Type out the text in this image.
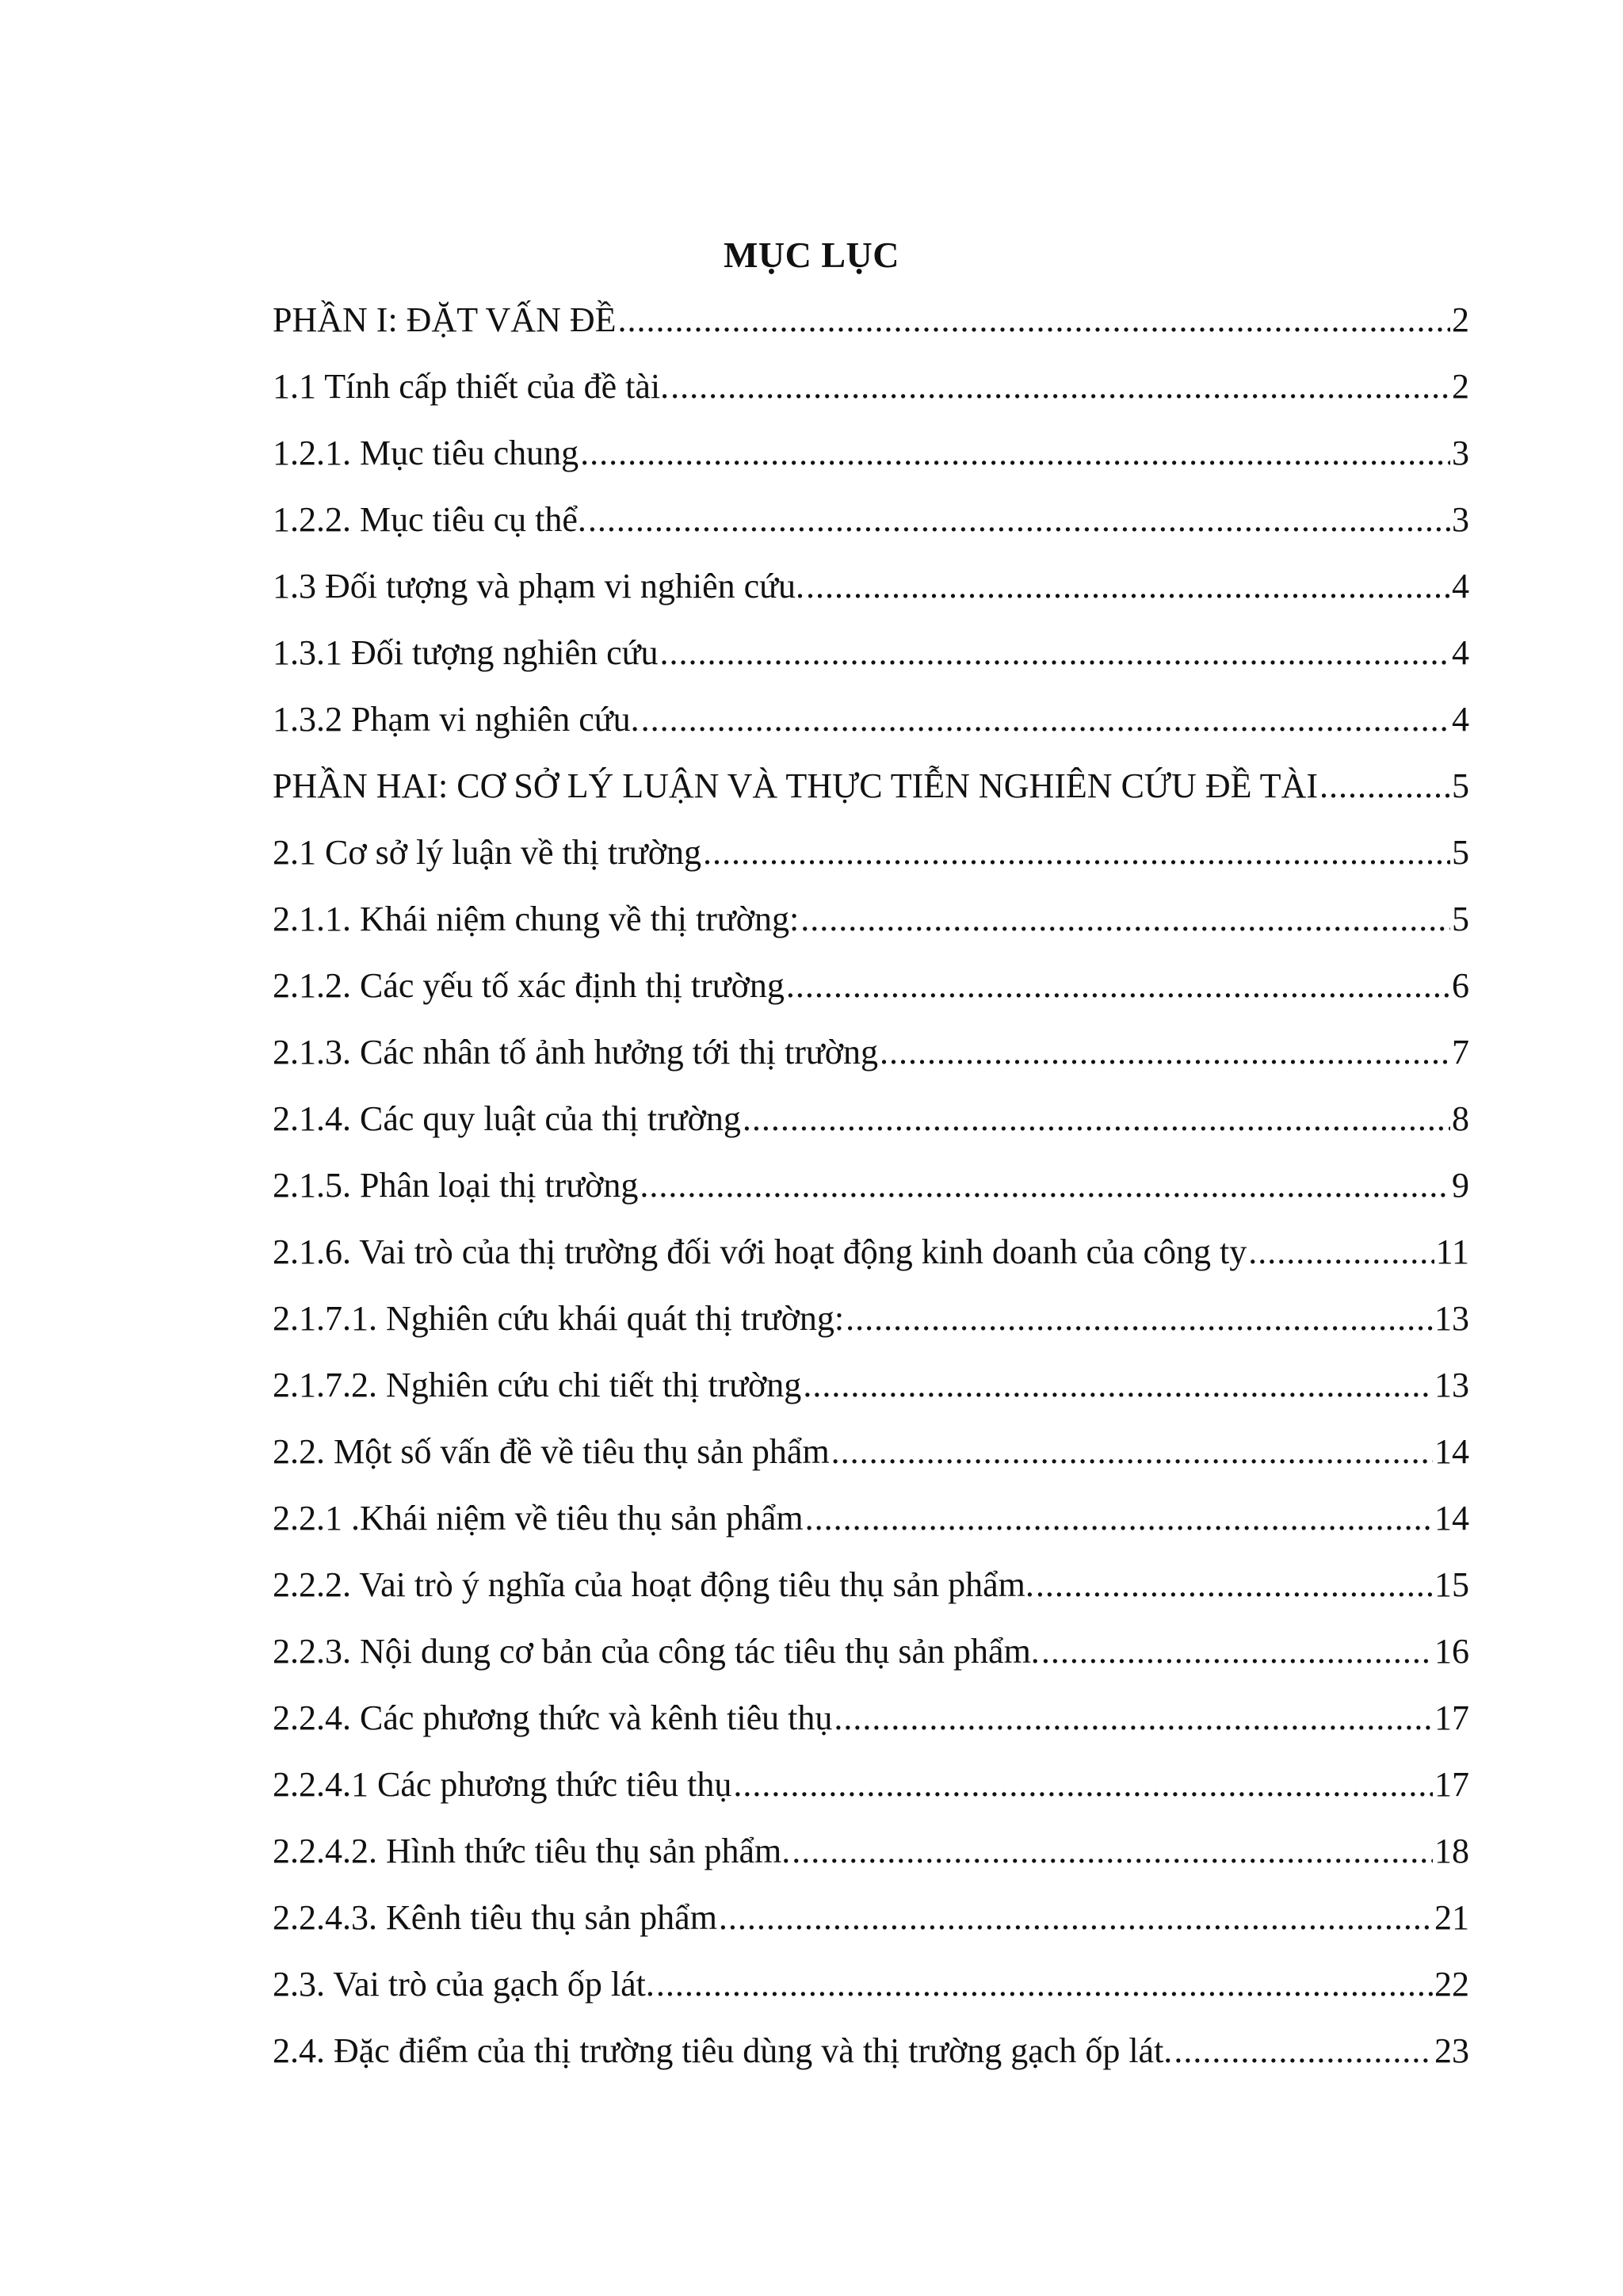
MỤC LỤC
PHẦN I: ĐẶT VẤN ĐỀ .....	2
1.1 Tính cấp thiết của đề tài. .....	2
1.2.1. Mục tiêu chung .....	3
1.2.2. Mục tiêu cụ thể. .....	3
1.3 Đối tượng và phạm vi nghiên cứu. .....	4
1.3.1 Đối tượng nghiên cứu .....	4
1.3.2 Phạm vi nghiên cứu. .....	4
PHẦN HAI: CƠ SỞ LÝ LUẬN VÀ THỰC TIỄN NGHIÊN CỨU ĐỀ TÀI .....	5
2.1 Cơ sở lý luận về thị trường .....	5
2.1.1. Khái niệm chung về thị trường: .....	5
2.1.2. Các yếu tố xác định thị trường .....	6
2.1.3. Các nhân tố ảnh hưởng tới thị trường .....	7
2.1.4. Các quy luật của thị trường .....	8
2.1.5. Phân loại thị trường .....	9
2.1.6. Vai trò của thị trường đối với hoạt động kinh doanh của công ty .....	11
2.1.7.1. Nghiên cứu khái quát thị trường: .....	13
2.1.7.2. Nghiên cứu chi tiết thị trường .....	13
2.2. Một số vấn đề về tiêu thụ sản phẩm .....	14
2.2.1 .Khái niệm về tiêu thụ sản phẩm .....	14
2.2.2. Vai trò ý nghĩa của hoạt động tiêu thụ sản phẩm. .....	15
2.2.3. Nội dung cơ bản của công tác tiêu thụ sản phẩm. .....	16
2.2.4. Các phương thức và kênh tiêu thụ .....	17
2.2.4.1 Các phương thức tiêu thụ .....	17
2.2.4.2. Hình thức tiêu thụ sản phẩm. .....	18
2.2.4.3. Kênh tiêu thụ sản phẩm .....	21
2.3. Vai trò của gạch ốp lát. .....	22
2.4. Đặc điểm của thị trường tiêu dùng và thị trường gạch ốp lát. .....	23
